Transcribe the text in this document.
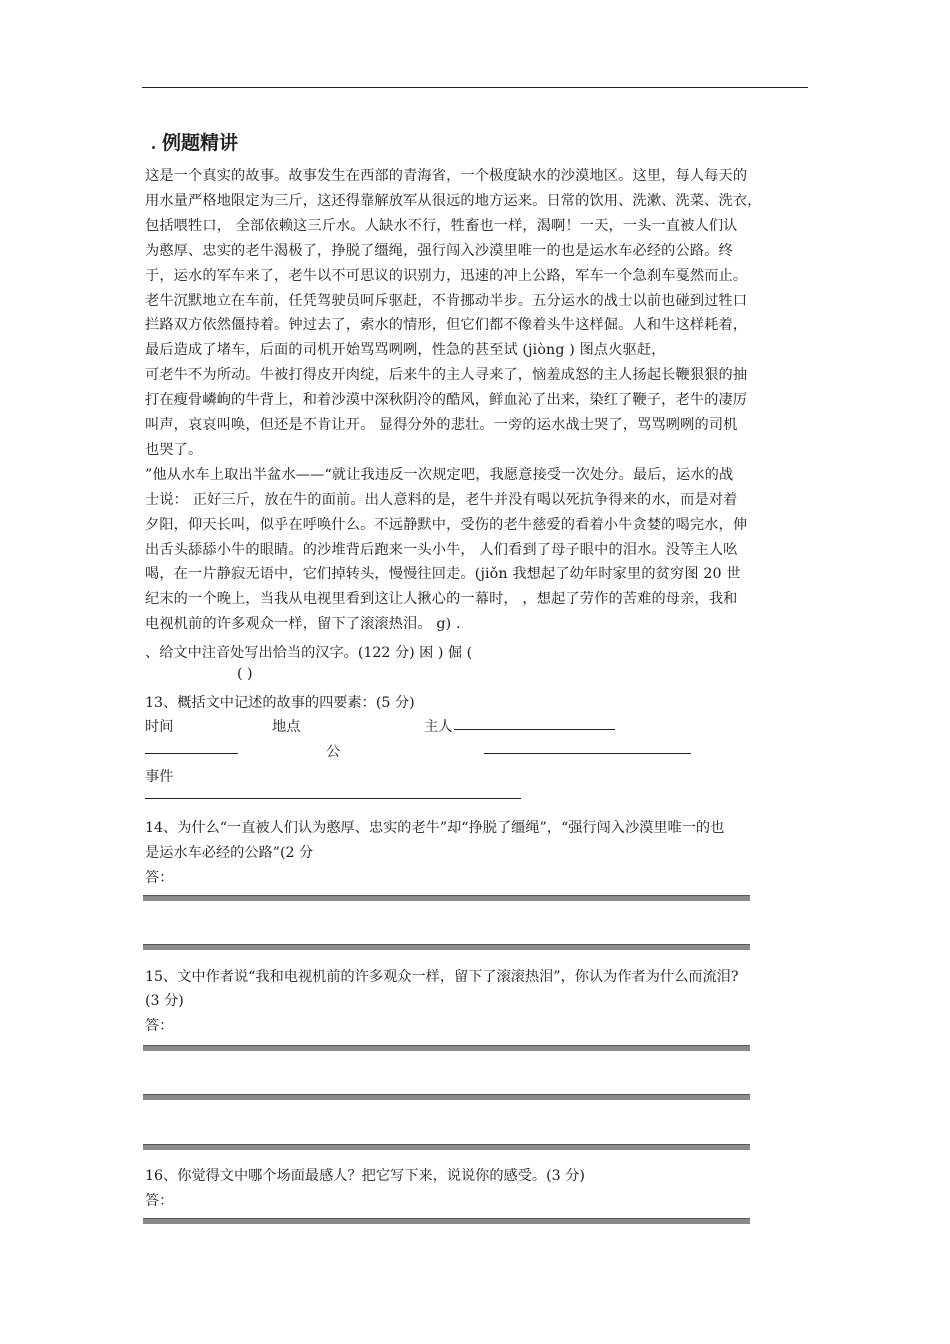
例题精讲
这是一个真实的故事。故事发生在西部的青海省，一个极度缺水的沙漠地区。这里，每人每天的
用水量严格地限定为三斤，这还得靠解放军从很远的地方运来。日常的饮用、洗漱、洗菜、洗衣，
包括喂牲口， 全部依赖这三斤水。人缺水不行，牲畜也一样，渴啊！一天，一头一直被人们认
为憨厚、忠实的老牛渴极了，挣脱了缰绳，强行闯入沙漠里唯一的也是运水车必经的公路。终
于，运水的军车来了，老牛以不可思议的识别力，迅速的冲上公路，军车一个急刹车戛然而止。
老牛沉默地立在车前，任凭驾驶员呵斥驱赶，不肯挪动半步。五分运水的战士以前也碰到过牲口
拦路双方依然僵持着。钟过去了，索水的情形，但它们都不像着头牛这样倔。人和牛这样耗着，
最后造成了堵车，后面的司机开始骂骂咧咧，性急的甚至试 (jiòng ) 图点火驱赶，
可老牛不为所动。牛被打得皮开肉绽，后来牛的主人寻来了，恼羞成怒的主人扬起长鞭狠狠的抽
打在瘦骨嶙峋的牛背上，和着沙漠中深秋阴冷的酷风，鲜血沁了出来，染红了鞭子，老牛的凄厉
叫声，哀哀叫唤，但还是不肯让开。 显得分外的悲壮。一旁的运水战士哭了，骂骂咧咧的司机
也哭了。
”他从水车上取出半盆水——“就让我违反一次规定吧，我愿意接受一次处分。最后，运水的战
士说： 正好三斤，放在牛的面前。出人意料的是，老牛并没有喝以死抗争得来的水，而是对着
夕阳，仰天长叫，似乎在呼唤什么。不远静默中，受伤的老牛慈爱的看着小牛贪婪的喝完水，伸
出舌头舔舔小牛的眼睛。的沙堆背后跑来一头小牛， 人们看到了母子眼中的泪水。没等主人吆
喝，在一片静寂无语中，它们掉转头，慢慢往回走。(jiǒn 我想起了幼年时家里的贫穷图 20 世
纪末的一个晚上，当我从电视里看到这让人揪心的一幕时， ，想起了劳作的苦难的母亲，我和
电视机前的许多观众一样，留下了滚滚热泪。 g) .
、给文中注音处写出恰当的汉字。(122 分) 困 ) 倔 (
( )
13、概括文中记述的故事的四要素：(5 分)
时间	地点	主人
公
事件
14、为什么“一直被人们认为憨厚、忠实的老牛”却“挣脱了缰绳”，“强行闯入沙漠里唯一的也
是运水车必经的公路”(2 分
答：
15、文中作者说“我和电视机前的许多观众一样，留下了滚滚热泪”，你认为作者为什么而流泪?
(3 分)
答：
16、你觉得文中哪个场面最感人？把它写下来，说说你的感受。(3 分)
答：
